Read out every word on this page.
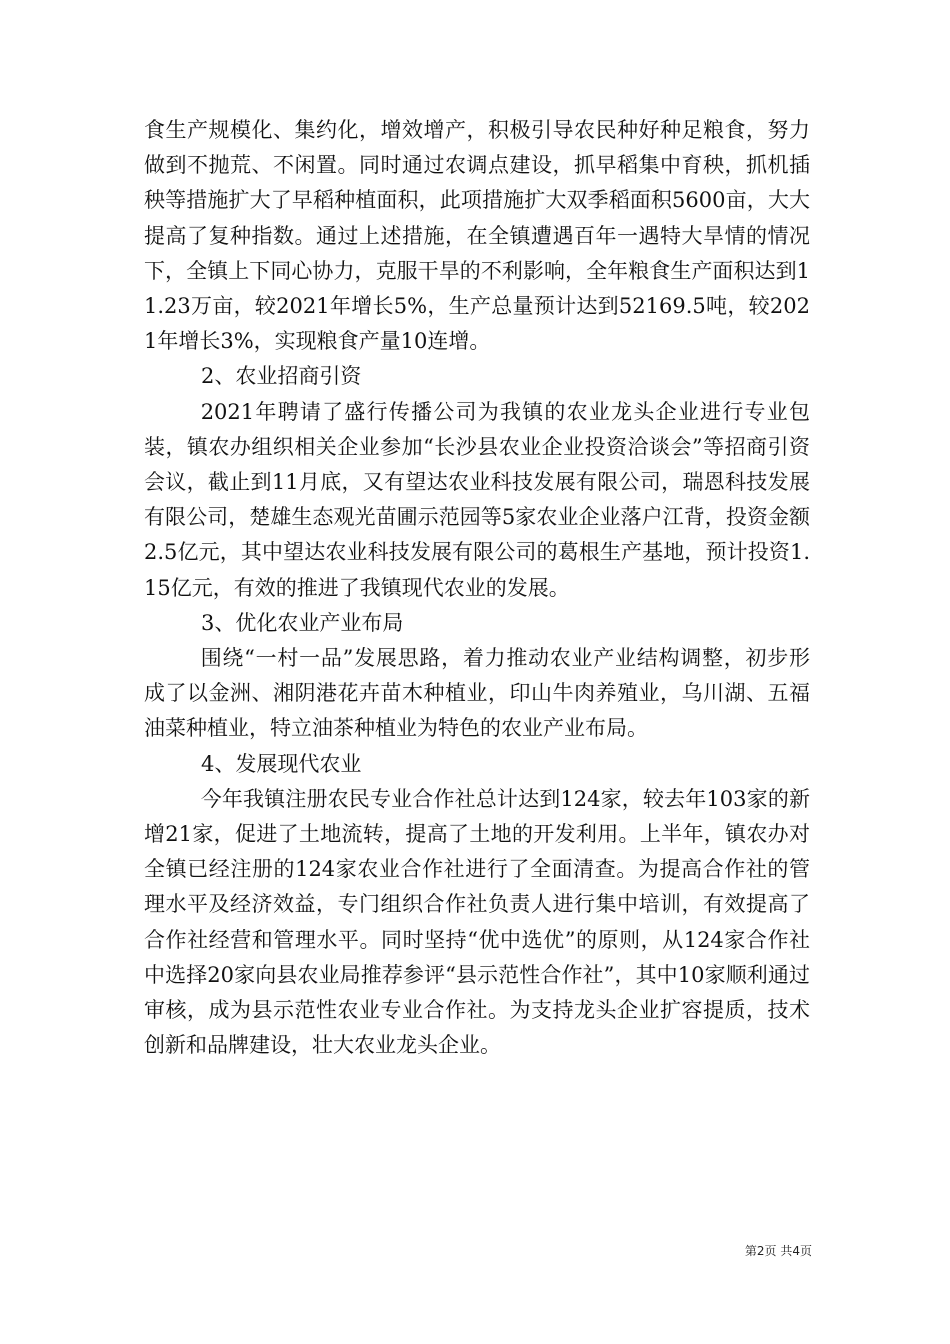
食生产规模化、集约化，增效增产，积极引导农民种好种足粮食，努力做到不抛荒、不闲置。同时通过农调点建设，抓早稻集中育秧，抓机插秧等措施扩大了早稻种植面积，此项措施扩大双季稻面积5600亩，大大提高了复种指数。通过上述措施，在全镇遭遇百年一遇特大旱情的情况下，全镇上下同心协力，克服干旱的不利影响，全年粮食生产面积达到11.23万亩，较2021年增长5%，生产总量预计达到52169.5吨，较2021年增长3%，实现粮食产量10连增。

2、农业招商引资

2021年聘请了盛行传播公司为我镇的农业龙头企业进行专业包装，镇农办组织相关企业参加“长沙县农业企业投资洽谈会”等招商引资会议，截止到11月底，又有望达农业科技发展有限公司，瑞恩科技发展有限公司，楚雄生态观光苗圃示范园等5家农业企业落户江背，投资金额2.5亿元，其中望达农业科技发展有限公司的葛根生产基地，预计投资1.15亿元，有效的推进了我镇现代农业的发展。

3、优化农业产业布局

围绕“一村一品”发展思路，着力推动农业产业结构调整，初步形成了以金洲、湘阴港花卉苗木种植业，印山牛肉养殖业，乌川湖、五福油菜种植业，特立油茶种植业为特色的农业产业布局。

4、发展现代农业

今年我镇注册农民专业合作社总计达到124家，较去年103家的新增21家，促进了土地流转，提高了土地的开发利用。上半年，镇农办对全镇已经注册的124家农业合作社进行了全面清查。为提高合作社的管理水平及经济效益，专门组织合作社负责人进行集中培训，有效提高了合作社经营和管理水平。同时坚持“优中选优”的原则，从124家合作社中选择20家向县农业局推荐参评“县示范性合作社”，其中10家顺利通过审核，成为县示范性农业专业合作社。为支持龙头企业扩容提质，技术创新和品牌建设，壮大农业龙头企业。

第2页 共4页
